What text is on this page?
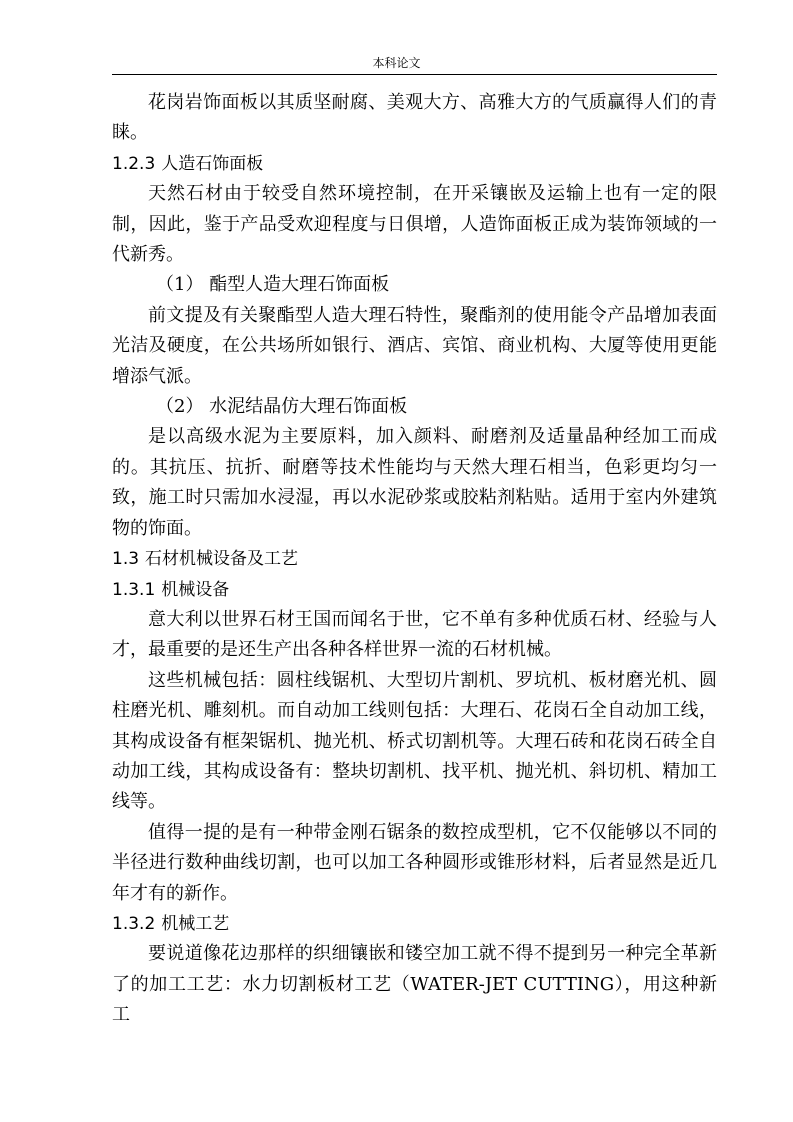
本科论文

花岗岩饰面板以其质坚耐腐、美观大方、高雅大方的气质赢得人们的青睐。

1.2.3 人造石饰面板

天然石材由于较受自然环境控制，在开采镶嵌及运输上也有一定的限制，因此，鉴于产品受欢迎程度与日俱增，人造饰面板正成为装饰领域的一代新秀。

（1） 酯型人造大理石饰面板

前文提及有关聚酯型人造大理石特性，聚酯剂的使用能令产品增加表面光洁及硬度，在公共场所如银行、酒店、宾馆、商业机构、大厦等使用更能增添气派。

（2） 水泥结晶仿大理石饰面板

是以高级水泥为主要原料，加入颜料、耐磨剂及适量晶种经加工而成的。其抗压、抗折、耐磨等技术性能均与天然大理石相当，色彩更均匀一致，施工时只需加水浸湿，再以水泥砂浆或胶粘剂粘贴。适用于室内外建筑物的饰面。

1.3 石材机械设备及工艺

1.3.1 机械设备

意大利以世界石材王国而闻名于世，它不单有多种优质石材、经验与人才，最重要的是还生产出各种各样世界一流的石材机械。

这些机械包括：圆柱线锯机、大型切片割机、罗坑机、板材磨光机、圆柱磨光机、雕刻机。而自动加工线则包括：大理石、花岗石全自动加工线，其构成设备有框架锯机、抛光机、桥式切割机等。大理石砖和花岗石砖全自动加工线，其构成设备有：整块切割机、找平机、抛光机、斜切机、精加工线等。

值得一提的是有一种带金刚石锯条的数控成型机，它不仅能够以不同的半径进行数种曲线切割，也可以加工各种圆形或锥形材料，后者显然是近几年才有的新作。

1.3.2 机械工艺

要说道像花边那样的织细镶嵌和镂空加工就不得不提到另一种完全革新了的加工工艺：水力切割板材工艺（WATER-JET CUTTING），用这种新工
